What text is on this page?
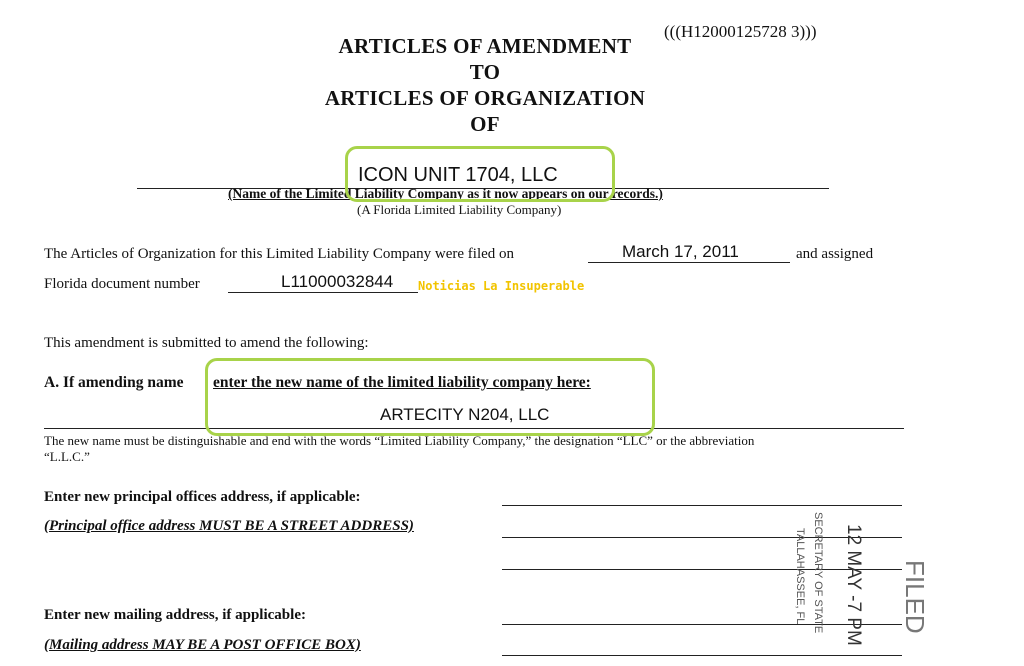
(((H12000125728 3)))
ARTICLES OF AMENDMENT
TO
ARTICLES OF ORGANIZATION
OF
ICON UNIT 1704, LLC
(Name of the Limited Liability Company as it now appears on our records.)
(A Florida Limited Liability Company)
The Articles of Organization for this Limited Liability Company were filed on	March 17, 2011	and assigned
Florida document number	L11000032844 Noticias La Insuperable
This amendment is submitted to amend the following:
A. If amending name enter the new name of the limited liability company here:
ARTECITY N204, LLC
The new name must be distinguishable and end with the words “Limited Liability Company,” the designation “LLC” or the abbreviation
“L.L.C.”
Enter new principal offices address, if applicable:
(Principal office address MUST BE A STREET ADDRESS)
Enter new mailing address, if applicable:
(Mailing address MAY BE A POST OFFICE BOX)	12 MAY -7 PM
SECRETARY OF STATE
TALLAHASSEE, FL	FILED
